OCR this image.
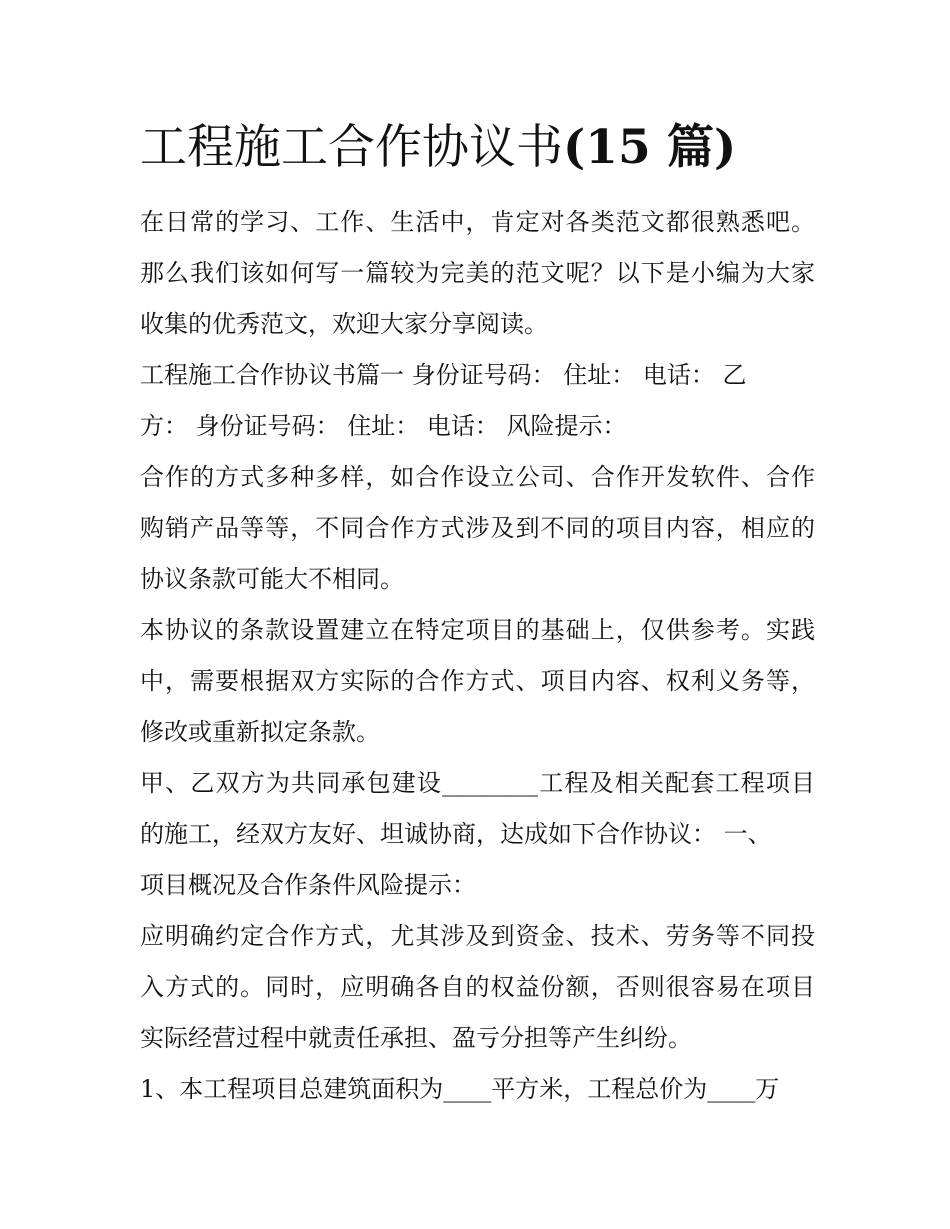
工程施工合作协议书(15 篇)
在日常的学习、工作、生活中，肯定对各类范文都很熟悉吧。
那么我们该如何写一篇较为完美的范文呢？以下是小编为大家
收集的优秀范文，欢迎大家分享阅读。
工程施工合作协议书篇一 身份证号码： 住址： 电话： 乙
方： 身份证号码： 住址： 电话： 风险提示：
合作的方式多种多样，如合作设立公司、合作开发软件、合作
购销产品等等，不同合作方式涉及到不同的项目内容，相应的
协议条款可能大不相同。
本协议的条款设置建立在特定项目的基础上，仅供参考。实践
中，需要根据双方实际的合作方式、项目内容、权利义务等，
修改或重新拟定条款。
甲、乙双方为共同承包建设________工程及相关配套工程项目
的施工，经双方友好、坦诚协商，达成如下合作协议： 一、
项目概况及合作条件风险提示：
应明确约定合作方式，尤其涉及到资金、技术、劳务等不同投
入方式的。同时，应明确各自的权益份额，否则很容易在项目
实际经营过程中就责任承担、盈亏分担等产生纠纷。
1、本工程项目总建筑面积为____平方米，工程总价为____万
